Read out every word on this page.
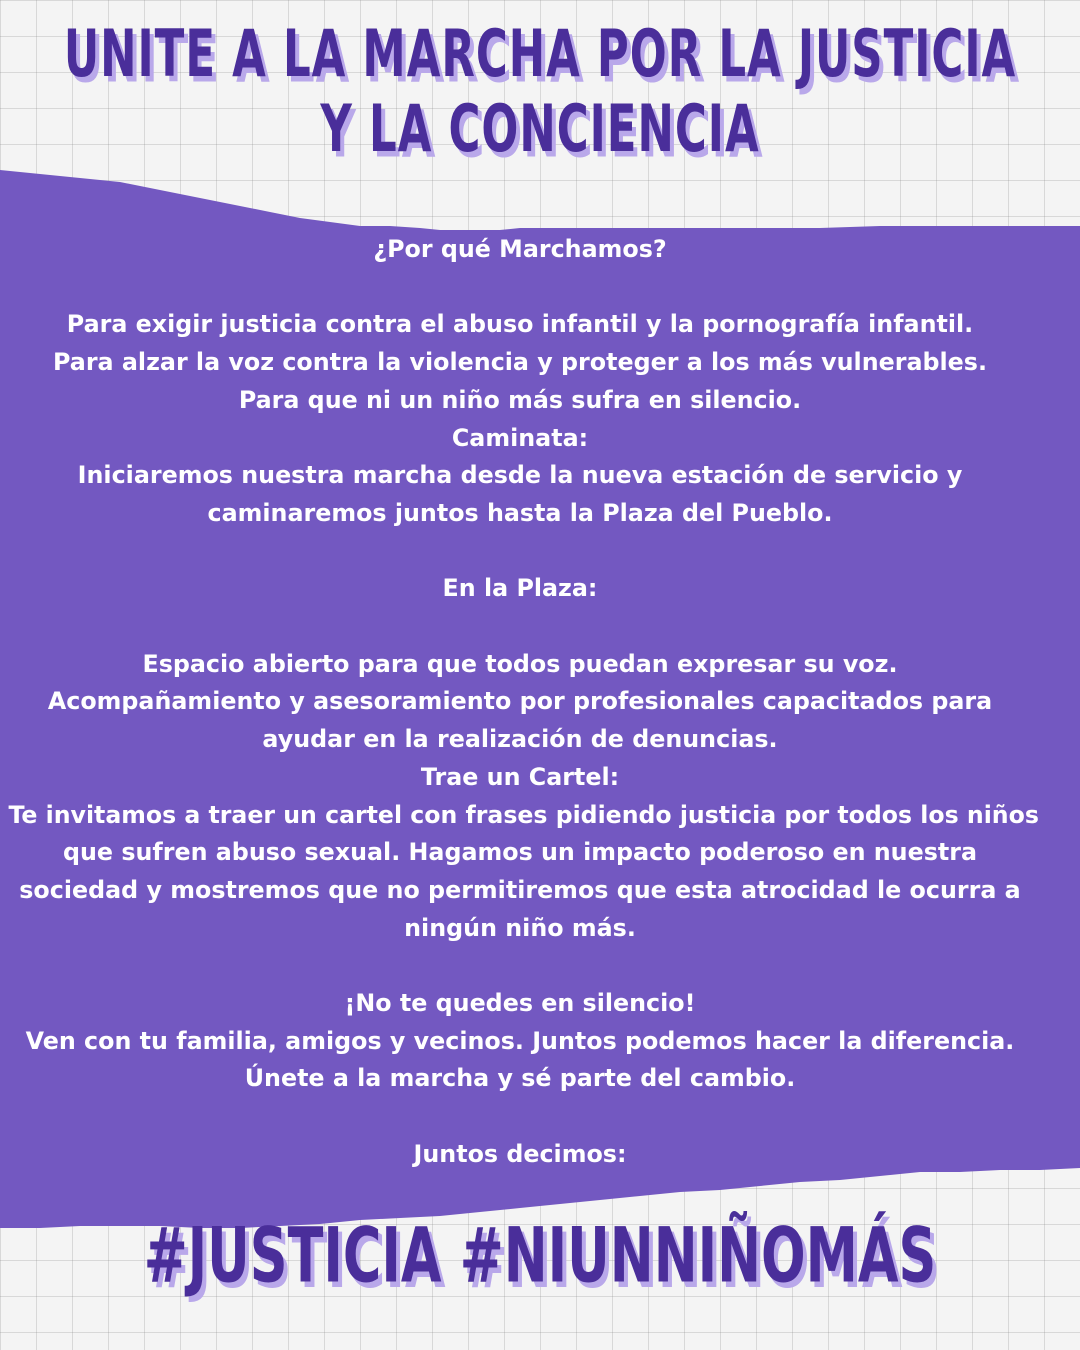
UNITE A LA MARCHA POR LA JUSTICIA
Y LA CONCIENCIA
¿Por qué Marchamos?
Para exigir justicia contra el abuso infantil y la pornografía infantil.
Para alzar la voz contra la violencia y proteger a los más vulnerables.
Para que ni un niño más sufra en silencio.
Caminata:
Iniciaremos nuestra marcha desde la nueva estación de servicio y
caminaremos juntos hasta la Plaza del Pueblo.
En la Plaza:
Espacio abierto para que todos puedan expresar su voz.
Acompañamiento y asesoramiento por profesionales capacitados para
ayudar en la realización de denuncias.
Trae un Cartel:
Te invitamos a traer un cartel con frases pidiendo justicia por todos los niños
que sufren abuso sexual. Hagamos un impacto poderoso en nuestra
sociedad y mostremos que no permitiremos que esta atrocidad le ocurra a
ningún niño más.
¡No te quedes en silencio!
Ven con tu familia, amigos y vecinos. Juntos podemos hacer la diferencia.
Únete a la marcha y sé parte del cambio.
Juntos decimos:
#JUSTICIA #NIUNNIÑOMÁS
